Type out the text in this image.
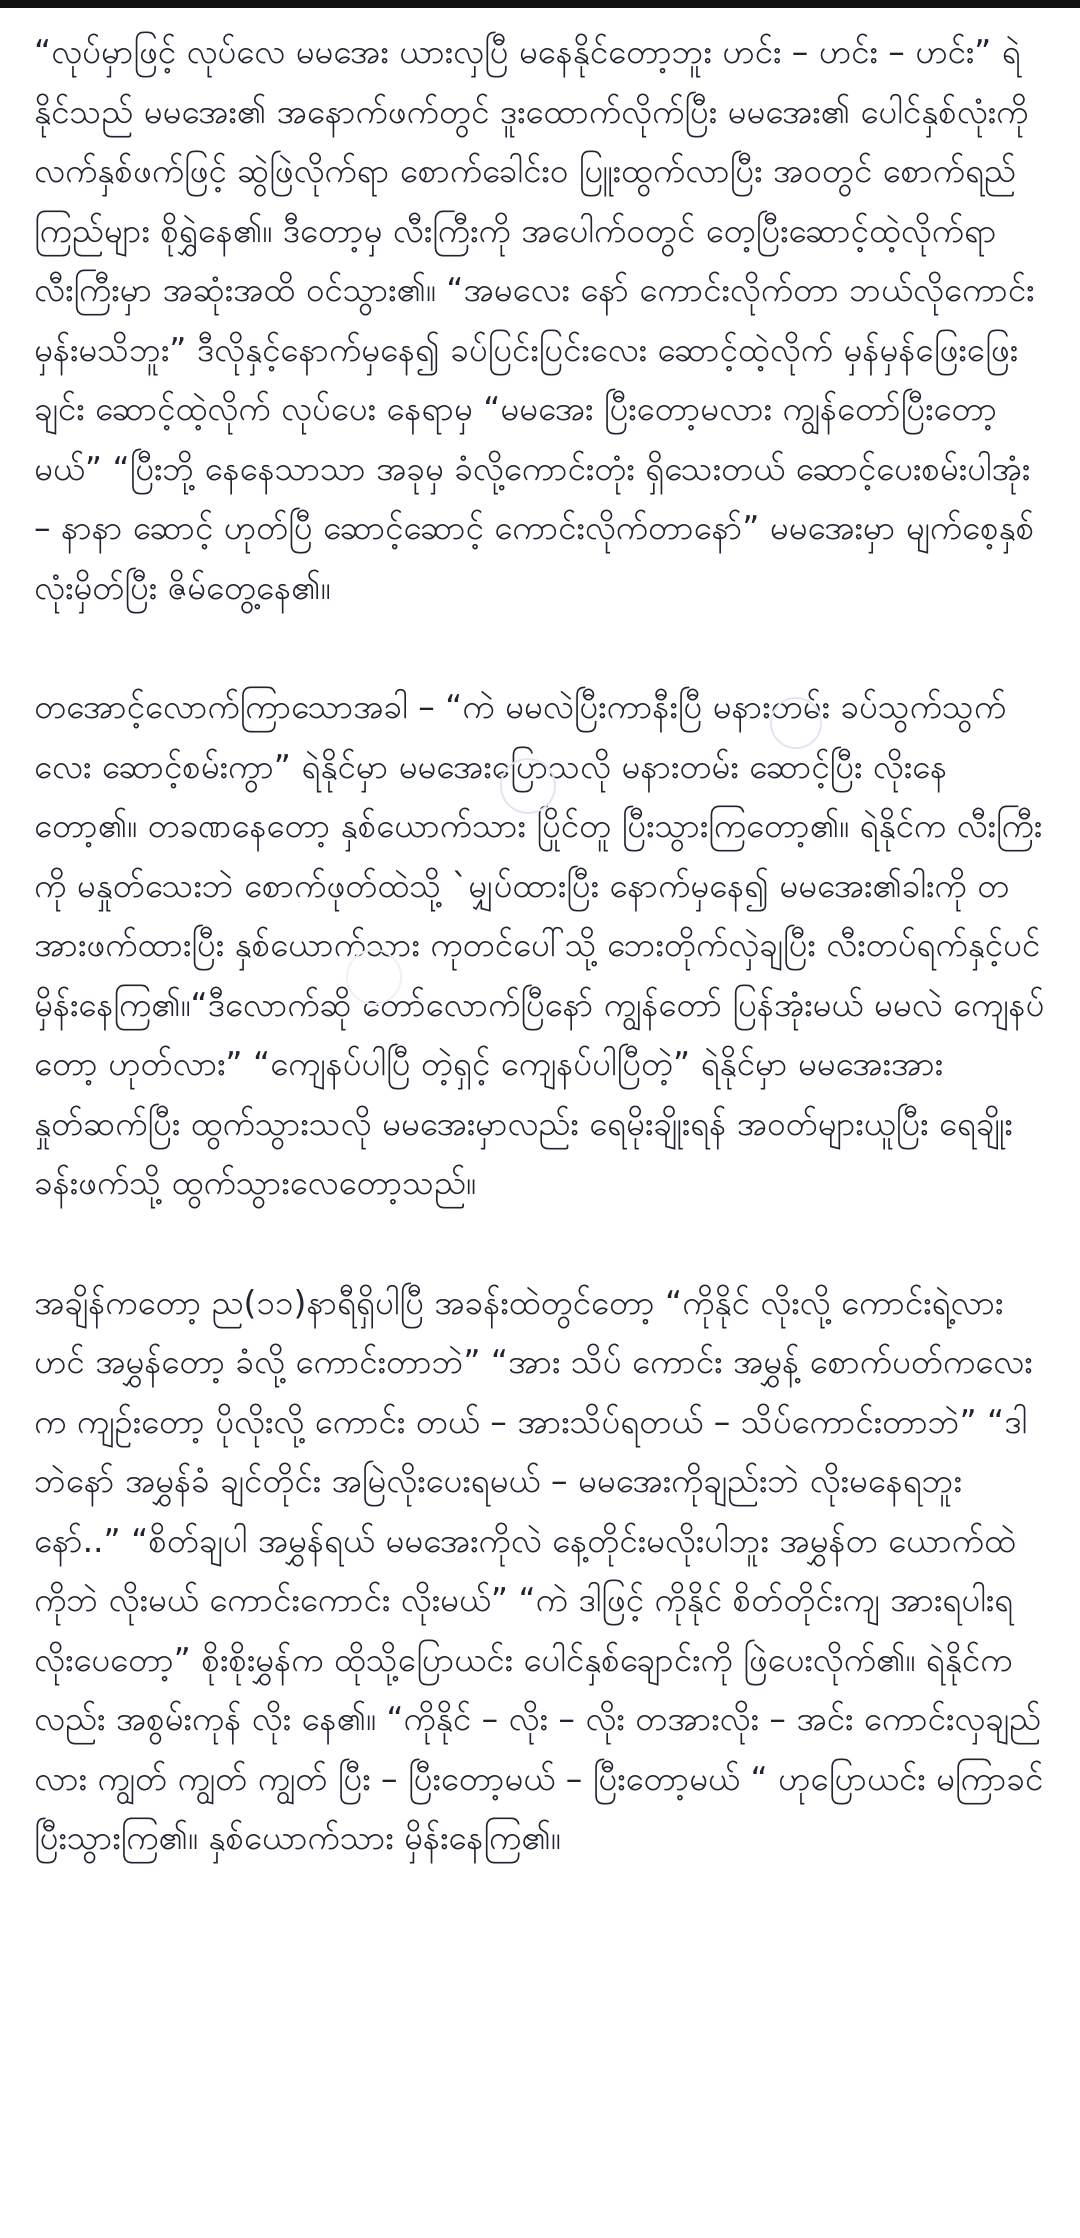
“လုပ်မှာဖြင့် လုပ်လေ မမအေး ယားလှပြီ မနေနိုင်တော့ဘူး ဟင်း – ဟင်း – ဟင်း” ရဲနိုင်သည် မမအေး၏ အနောက်ဖက်တွင် ဒူးထောက်လိုက်ပြီး မမအေး၏ ပေါင်နှစ်လုံးကို လက်နှစ်ဖက်ဖြင့် ဆွဲဖြဲလိုက်ရာ စောက်ခေါင်း၀ ပြူးထွက်လာပြီး အ၀တွင် စောက်ရည်ကြည်များ စိုရွှဲနေ၏။ ဒီတော့မှ လီးကြီးကို အပေါက်၀တွင် တေ့ပြီးဆောင့်ထဲ့လိုက်ရာ လီးကြီးမှာ အဆုံးအထိ ၀င်သွား၏။ “အမလေး နော် ကောင်းလိုက်တာ ဘယ်လိုကောင်းမှန်းမသိဘူး” ဒီလိုနှင့်နောက်မှနေ၍ ခပ်ပြင်းပြင်းလေး ဆောင့်ထဲ့လိုက် မှန်မှန်ဖြေးဖြေးချင်း ဆောင့်ထဲ့လိုက် လုပ်ပေး နေရာမှ “မမအေး ပြီးတော့မလား ကျွန်တော်ပြီးတော့မယ်” “ပြီးဘို့ နေနေသာသာ အခုမှ ခံလို့ကောင်းတုံး ရှိသေးတယ် ဆောင့်ပေးစမ်းပါအုံး – နာနာ ဆောင့် ဟုတ်ပြီ ဆောင့်ဆောင့် ကောင်းလိုက်တာနော်” မမအေးမှာ မျက်စေ့နှစ်လုံးမှိတ်ပြီး ဇိမ်တွေ့နေ၏။

တအောင့်လောက်ကြာသောအခါ – “ကဲ မမလဲပြီးကာနီးပြီ မနားတမ်း ခပ်သွက်သွက်လေး ဆောင့်စမ်းကွာ” ရဲနိုင်မှာ မမအေးပြောသလို မနားတမ်း ဆောင့်ပြီး လိုးနေတော့၏။ တခဏနေတော့ နှစ်ယောက်သား ပြိုင်တူ ပြီးသွားကြတော့၏။ ရဲနိုင်က လီးကြီးကို မနှုတ်သေးဘဲ စောက်ဖုတ်ထဲသို့ `မျှပ်ထားပြီး နောက်မှနေ၍ မမအေး၏ခါးကို တအားဖက်ထားပြီး နှစ်ယောက်သား ကုတင်ပေါ်သို့ ဘေးတိုက်လှဲချပြီး လီးတပ်ရက်နှင့်ပင်မှိန်းနေကြ၏။“ဒီလောက်ဆို တော်လောက်ပြီနော် ကျွန်တော် ပြန်အုံးမယ် မမလဲ ကျေနပ်တော့ ဟုတ်လား” “ကျေနပ်ပါပြီ တဲ့ရှင့် ကျေနပ်ပါပြီတဲ့” ရဲနိုင်မှာ မမအေးအား နှုတ်ဆက်ပြီး ထွက်သွားသလို မမအေးမှာလည်း ရေမိုးချိုးရန် အ၀တ်များယူပြီး ရေချိုးခန်းဖက်သို့ ထွက်သွားလေတော့သည်။

အချိန်ကတော့ ည(၁၁)နာရီရှိပါပြီ အခန်းထဲတွင်တော့ “ကိုနိုင် လိုးလို့ ကောင်းရဲ့လား ဟင် အမွှန်တော့ ခံလို့ ကောင်းတာဘဲ” “အား သိပ် ကောင်း အမွှန့် စောက်ပတ်ကလေးက ကျဉ်းတော့ ပိုလိုးလို့ ကောင်း တယ် – အားသိပ်ရတယ် – သိပ်ကောင်းတာဘဲ” “ဒါဘဲနော် အမွှန်ခံ ချင်တိုင်း အမြဲလိုးပေးရမယ် – မမအေးကိုချည်းဘဲ လိုးမနေရဘူး နော်..” “စိတ်ချပါ အမွှန်ရယ် မမအေးကိုလဲ နေ့တိုင်းမလိုးပါဘူး အမွှန်တ ယောက်ထဲကိုဘဲ လိုးမယ် ကောင်းကောင်း လိုးမယ်” “ကဲ ဒါဖြင့် ကိုနိုင် စိတ်တိုင်းကျ အားရပါးရ လိုးပေတော့” စိုးစိုးမွှန်က ထိုသို့ပြောယင်း ပေါင်နှစ်ချောင်းကို ဖြဲပေးလိုက်၏။ ရဲနိုင်ကလည်း အစွမ်းကုန် လိုး နေ၏။ “ကိုနိုင် – လိုး – လိုး တအားလိုး – အင်း ကောင်းလှချည်လား ကျွတ် ကျွတ် ကျွတ် ပြီး – ပြီးတော့မယ် – ပြီးတော့မယ် “ ဟုပြောယင်း မကြာခင်ပြီးသွားကြ၏။ နှစ်ယောက်သား မှိန်းနေကြ၏။
